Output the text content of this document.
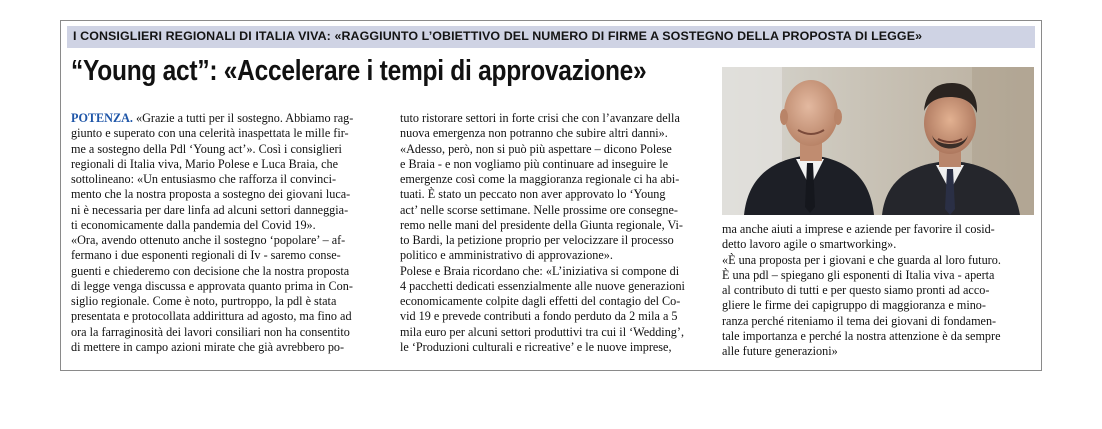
I CONSIGLIERI REGIONALI DI ITALIA VIVA: «RAGGIUNTO L’OBIETTIVO DEL NUMERO DI FIRME A SOSTEGNO DELLA PROPOSTA DI LEGGE»
“Young act”: «Accelerare i tempi di approvazione»
POTENZA. «Grazie a tutti per il sostegno. Abbiamo rag-
giunto e superato con una celerità inaspettata le mille fir-
me a sostegno della Pdl ‘Young act’». Così i consiglieri
regionali di Italia viva, Mario Polese e Luca Braia, che
sottolineano: «Un entusiasmo che rafforza il convinci-
mento che la nostra proposta a sostegno dei giovani luca-
ni è necessaria per dare linfa ad alcuni settori danneggia-
ti economicamente dalla pandemia del Covid 19».
«Ora, avendo ottenuto anche il sostegno ‘popolare’ – af-
fermano i due esponenti regionali di Iv - saremo conse-
guenti e chiederemo con decisione che la nostra proposta
di legge venga discussa e approvata quanto prima in Con-
siglio regionale. Come è noto, purtroppo, la pdl è stata
presentata e protocollata addirittura ad agosto, ma fino ad
ora la farraginosità dei lavori consiliari non ha consentito
di mettere in campo azioni mirate che già avrebbero po-
tuto ristorare settori in forte crisi che con l’avanzare della
nuova emergenza non potranno che subire altri danni».
«Adesso, però, non si può più aspettare – dicono Polese
e Braia - e non vogliamo più continuare ad inseguire le
emergenze così come la maggioranza regionale ci ha abi-
tuati. È stato un peccato non aver approvato lo ‘Young
act’ nelle scorse settimane. Nelle prossime ore consegne-
remo nelle mani del presidente della Giunta regionale, Vi-
to Bardi, la petizione proprio per velocizzare il processo
politico e amministrativo di approvazione».
Polese e Braia ricordano che: «L’iniziativa si compone di
4 pacchetti dedicati essenzialmente alle nuove generazioni
economicamente colpite dagli effetti del contagio del Co-
vid 19 e prevede contributi a fondo perduto da 2 mila a 5
mila euro per alcuni settori produttivi tra cui il ‘Wedding’,
le ‘Produzioni culturali e ricreative’ e le nuove imprese,
ma anche aiuti a imprese e aziende per favorire il cosid-
detto lavoro agile o smartworking».
«È una proposta per i giovani e che guarda al loro futuro.
È una pdl – spiegano gli esponenti di Italia viva - aperta
al contributo di tutti e per questo siamo pronti ad acco-
gliere le firme dei capigruppo di maggioranza e mino-
ranza perché riteniamo il tema dei giovani di fondamen-
tale importanza e perché la nostra attenzione è da sempre
alle future generazioni»
